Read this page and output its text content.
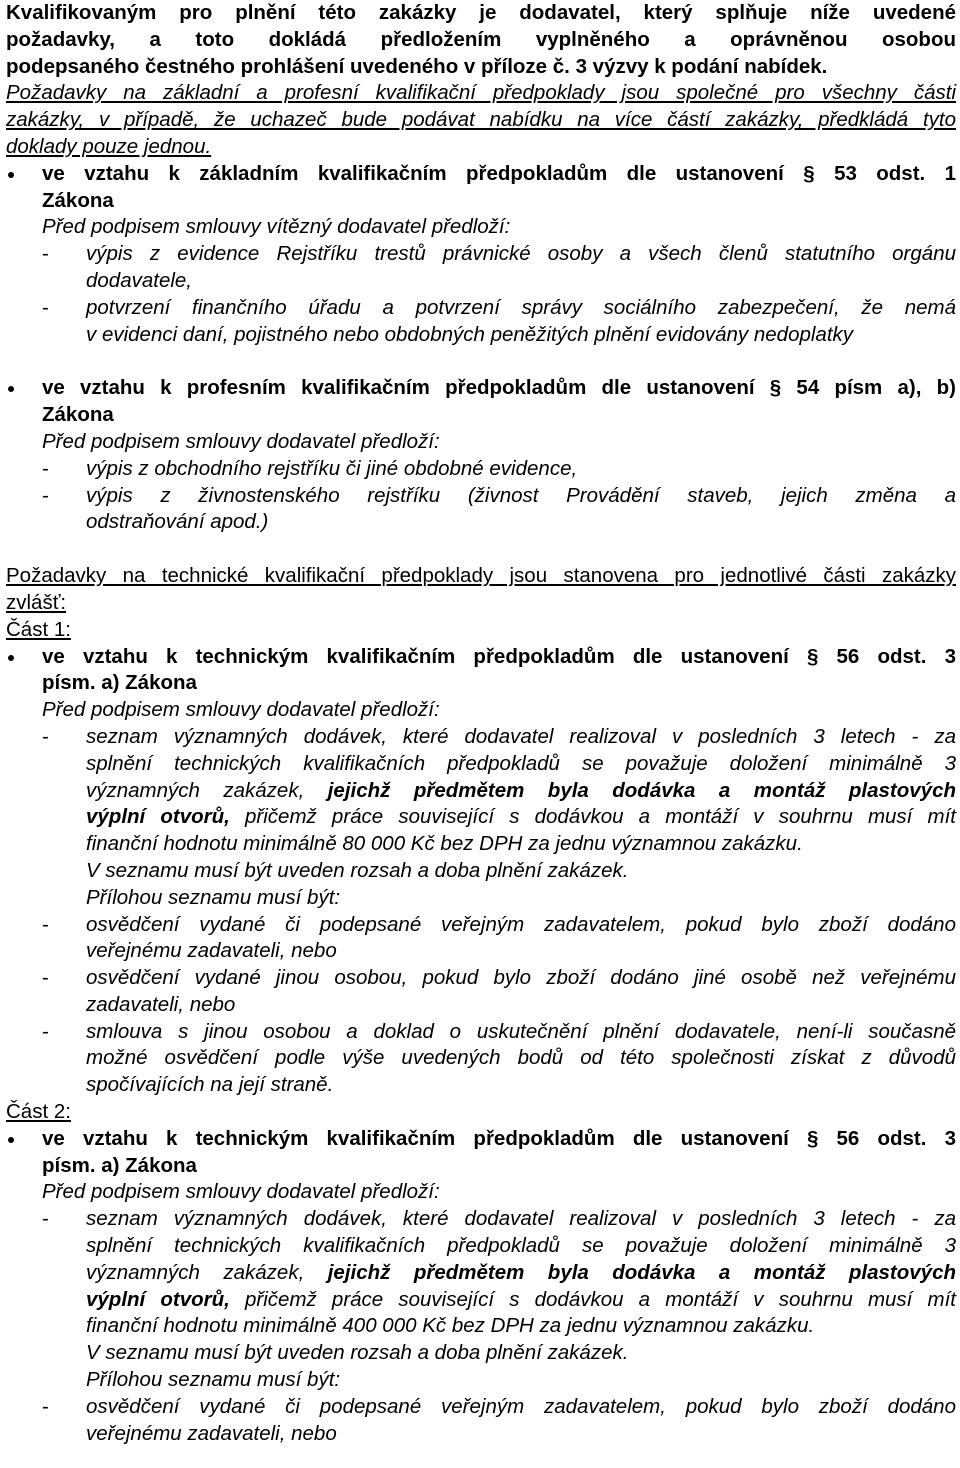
Kvalifikovaným pro plnění této zakázky je dodavatel, který splňuje níže uvedené

požadavky, a toto dokládá předložením vyplněného a oprávněnou osobou

podepsaného čestného prohlášení uvedeného v příloze č. 3 výzvy k podání nabídek.

Požadavky na základní a profesní kvalifikační předpoklady jsou společné pro všechny části

zakázky, v případě, že uchazeč bude podávat nabídku na více částí zakázky, předkládá tyto

doklady pouze jednou.

ve vztahu k základním kvalifikačním předpokladům dle ustanovení § 53 odst. 1

Zákona

Před podpisem smlouvy vítězný dodavatel předloží:

- výpis z evidence Rejstříku trestů právnické osoby a všech členů statutního orgánu

dodavatele,

- potvrzení finančního úřadu a potvrzení správy sociálního zabezpečení, že nemá

v evidenci daní, pojistného nebo obdobných peněžitých plnění evidovány nedoplatky

ve vztahu k profesním kvalifikačním předpokladům dle ustanovení § 54 písm a), b)

Zákona

Před podpisem smlouvy dodavatel předloží:

- výpis z obchodního rejstříku či jiné obdobné evidence,

- výpis z živnostenského rejstříku (živnost Provádění staveb, jejich změna a

odstraňování apod.)

Požadavky na technické kvalifikační předpoklady jsou stanovena pro jednotlivé části zakázky

zvlášť:

Část 1:

ve vztahu k technickým kvalifikačním předpokladům dle ustanovení § 56 odst. 3

písm. a) Zákona

Před podpisem smlouvy dodavatel předloží:

- seznam významných dodávek, které dodavatel realizoval v posledních 3 letech - za

splnění technických kvalifikačních předpokladů se považuje doložení minimálně 3

významných zakázek, jejichž předmětem byla dodávka a montáž plastových

výplní otvorů, přičemž práce související s dodávkou a montáží v souhrnu musí mít

finanční hodnotu minimálně 80 000 Kč bez DPH za jednu významnou zakázku.

V seznamu musí být uveden rozsah a doba plnění zakázek.

Přílohou seznamu musí být:

- osvědčení vydané či podepsané veřejným zadavatelem, pokud bylo zboží dodáno

veřejnému zadavateli, nebo

- osvědčení vydané jinou osobou, pokud bylo zboží dodáno jiné osobě než veřejnému

zadavateli, nebo

- smlouva s jinou osobou a doklad o uskutečnění plnění dodavatele, není-li současně

možné osvědčení podle výše uvedených bodů od této společnosti získat z důvodů

spočívajících na její straně.

Část 2:

ve vztahu k technickým kvalifikačním předpokladům dle ustanovení § 56 odst. 3

písm. a) Zákona

Před podpisem smlouvy dodavatel předloží:

- seznam významných dodávek, které dodavatel realizoval v posledních 3 letech - za

splnění technických kvalifikačních předpokladů se považuje doložení minimálně 3

významných zakázek, jejichž předmětem byla dodávka a montáž plastových

výplní otvorů, přičemž práce související s dodávkou a montáží v souhrnu musí mít

finanční hodnotu minimálně 400 000 Kč bez DPH za jednu významnou zakázku.

V seznamu musí být uveden rozsah a doba plnění zakázek.

Přílohou seznamu musí být:

- osvědčení vydané či podepsané veřejným zadavatelem, pokud bylo zboží dodáno

veřejnému zadavateli, nebo
